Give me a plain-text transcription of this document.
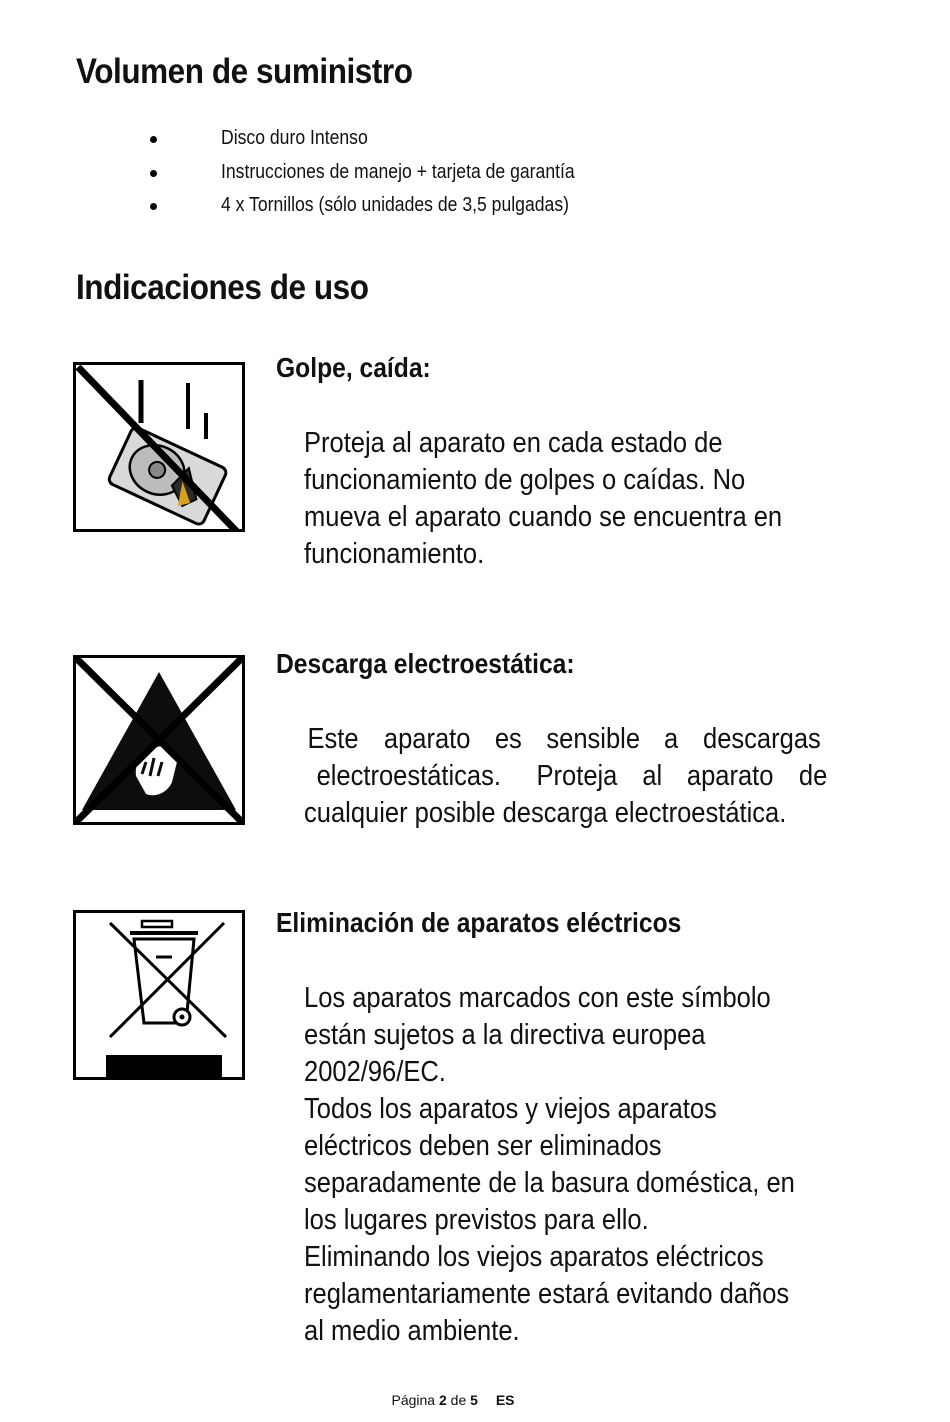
Volumen de suministro
Disco duro Intenso
Instrucciones de manejo + tarjeta de garantía
4 x Tornillos (sólo unidades de 3,5 pulgadas)
Indicaciones de uso
Golpe, caída:
Proteja al aparato en cada estado de
funcionamiento de golpes o caídas. No
mueva el aparato cuando se encuentra en
funcionamiento.
Descarga electroestática:
Este aparato es sensible a descargas
electroestáticas. Proteja al aparato de
cualquier posible descarga electroestática.
Eliminación de aparatos eléctricos
Los aparatos marcados con este símbolo
están sujetos a la directiva europea
2002/96/EC.
Todos los aparatos y viejos aparatos
eléctricos deben ser eliminados
separadamente de la basura doméstica, en
los lugares previstos para ello.
Eliminando los viejos aparatos eléctricos
reglamentariamente estará evitando daños
al medio ambiente.
Página 2 de 5 ES
